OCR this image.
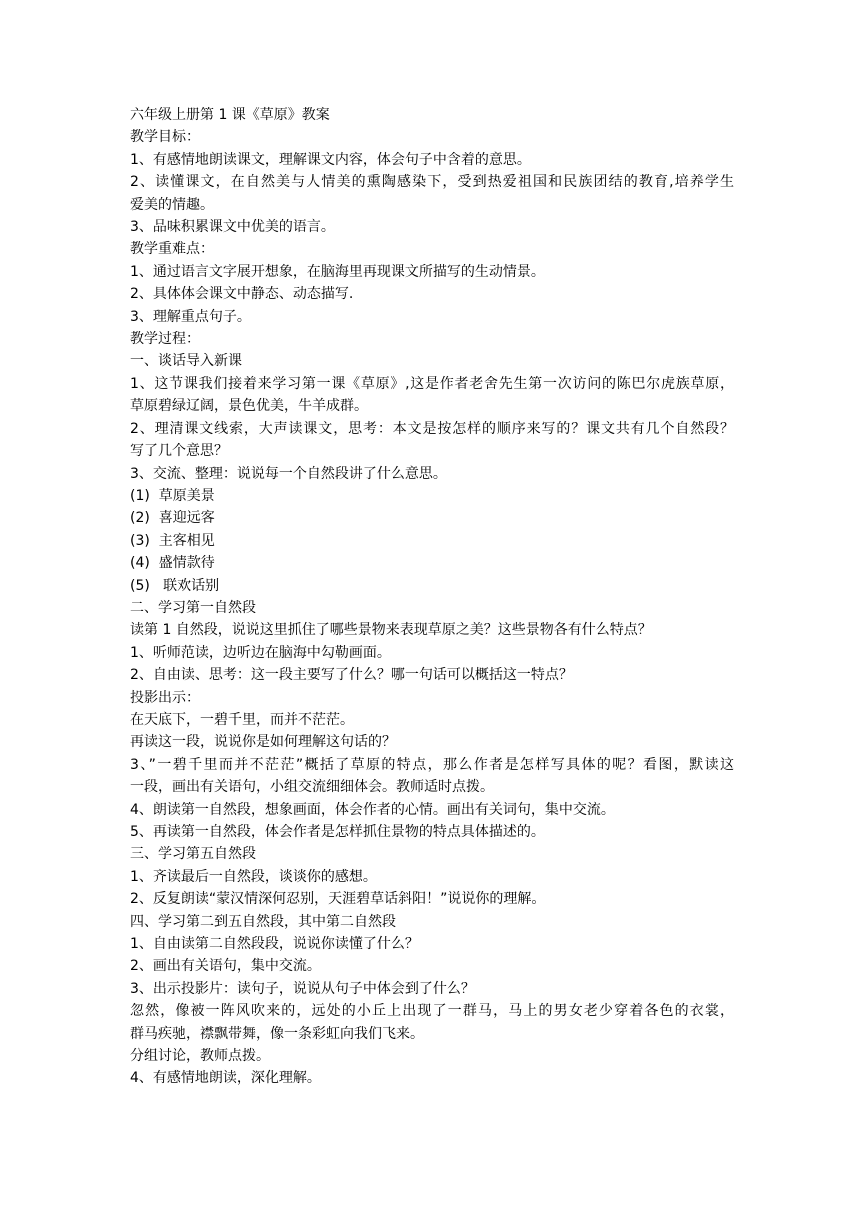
六年级上册第 1 课《草原》教案

教学目标：

1、有感情地朗读课文，理解课文内容，体会句子中含着的意思。

2、读懂课文，在自然美与人情美的熏陶感染下，受到热爱祖国和民族团结的教育,培养学生

爱美的情趣。

3、品味积累课文中优美的语言。

教学重难点：

1、通过语言文字展开想象，在脑海里再现课文所描写的生动情景。

2、具体体会课文中静态、动态描写.

3、理解重点句子。

教学过程：

一、谈话导入新课

1、这节课我们接着来学习第一课《草原》,这是作者老舍先生第一次访问的陈巴尔虎族草原，

草原碧绿辽阔，景色优美，牛羊成群。

2、理清课文线索，大声读课文，思考：本文是按怎样的顺序来写的？课文共有几个自然段？

写了几个意思？

3、交流、整理：说说每一个自然段讲了什么意思。

(1)  草原美景

(2)  喜迎远客

(3)  主客相见

(4)  盛情款待

(5)   联欢话别

二、学习第一自然段

读第 1 自然段，说说这里抓住了哪些景物来表现草原之美？这些景物各有什么特点？

1、听师范读，边听边在脑海中勾勒画面。

2、自由读、思考：这一段主要写了什么？哪一句话可以概括这一特点？

投影出示：

在天底下，一碧千里，而并不茫茫。

再读这一段，说说你是如何理解这句话的？

3、”一碧千里而并不茫茫”概括了草原的特点，那么作者是怎样写具体的呢？看图，默读这

一段，画出有关语句，小组交流细细体会。教师适时点拨。

4、朗读第一自然段，想象画面，体会作者的心情。画出有关词句，集中交流。

5、再读第一自然段，体会作者是怎样抓住景物的特点具体描述的。

三、学习第五自然段

1、齐读最后一自然段，谈谈你的感想。

2、反复朗读“蒙汉情深何忍别，天涯碧草话斜阳！”说说你的理解。

四、学习第二到五自然段，其中第二自然段

1、自由读第二自然段段，说说你读懂了什么？

2、画出有关语句，集中交流。

3、出示投影片：读句子，说说从句子中体会到了什么？

忽然，像被一阵风吹来的，远处的小丘上出现了一群马，马上的男女老少穿着各色的衣裳，

群马疾驰，襟飘带舞，像一条彩虹向我们飞来。

分组讨论，教师点拨。

4、有感情地朗读，深化理解。
